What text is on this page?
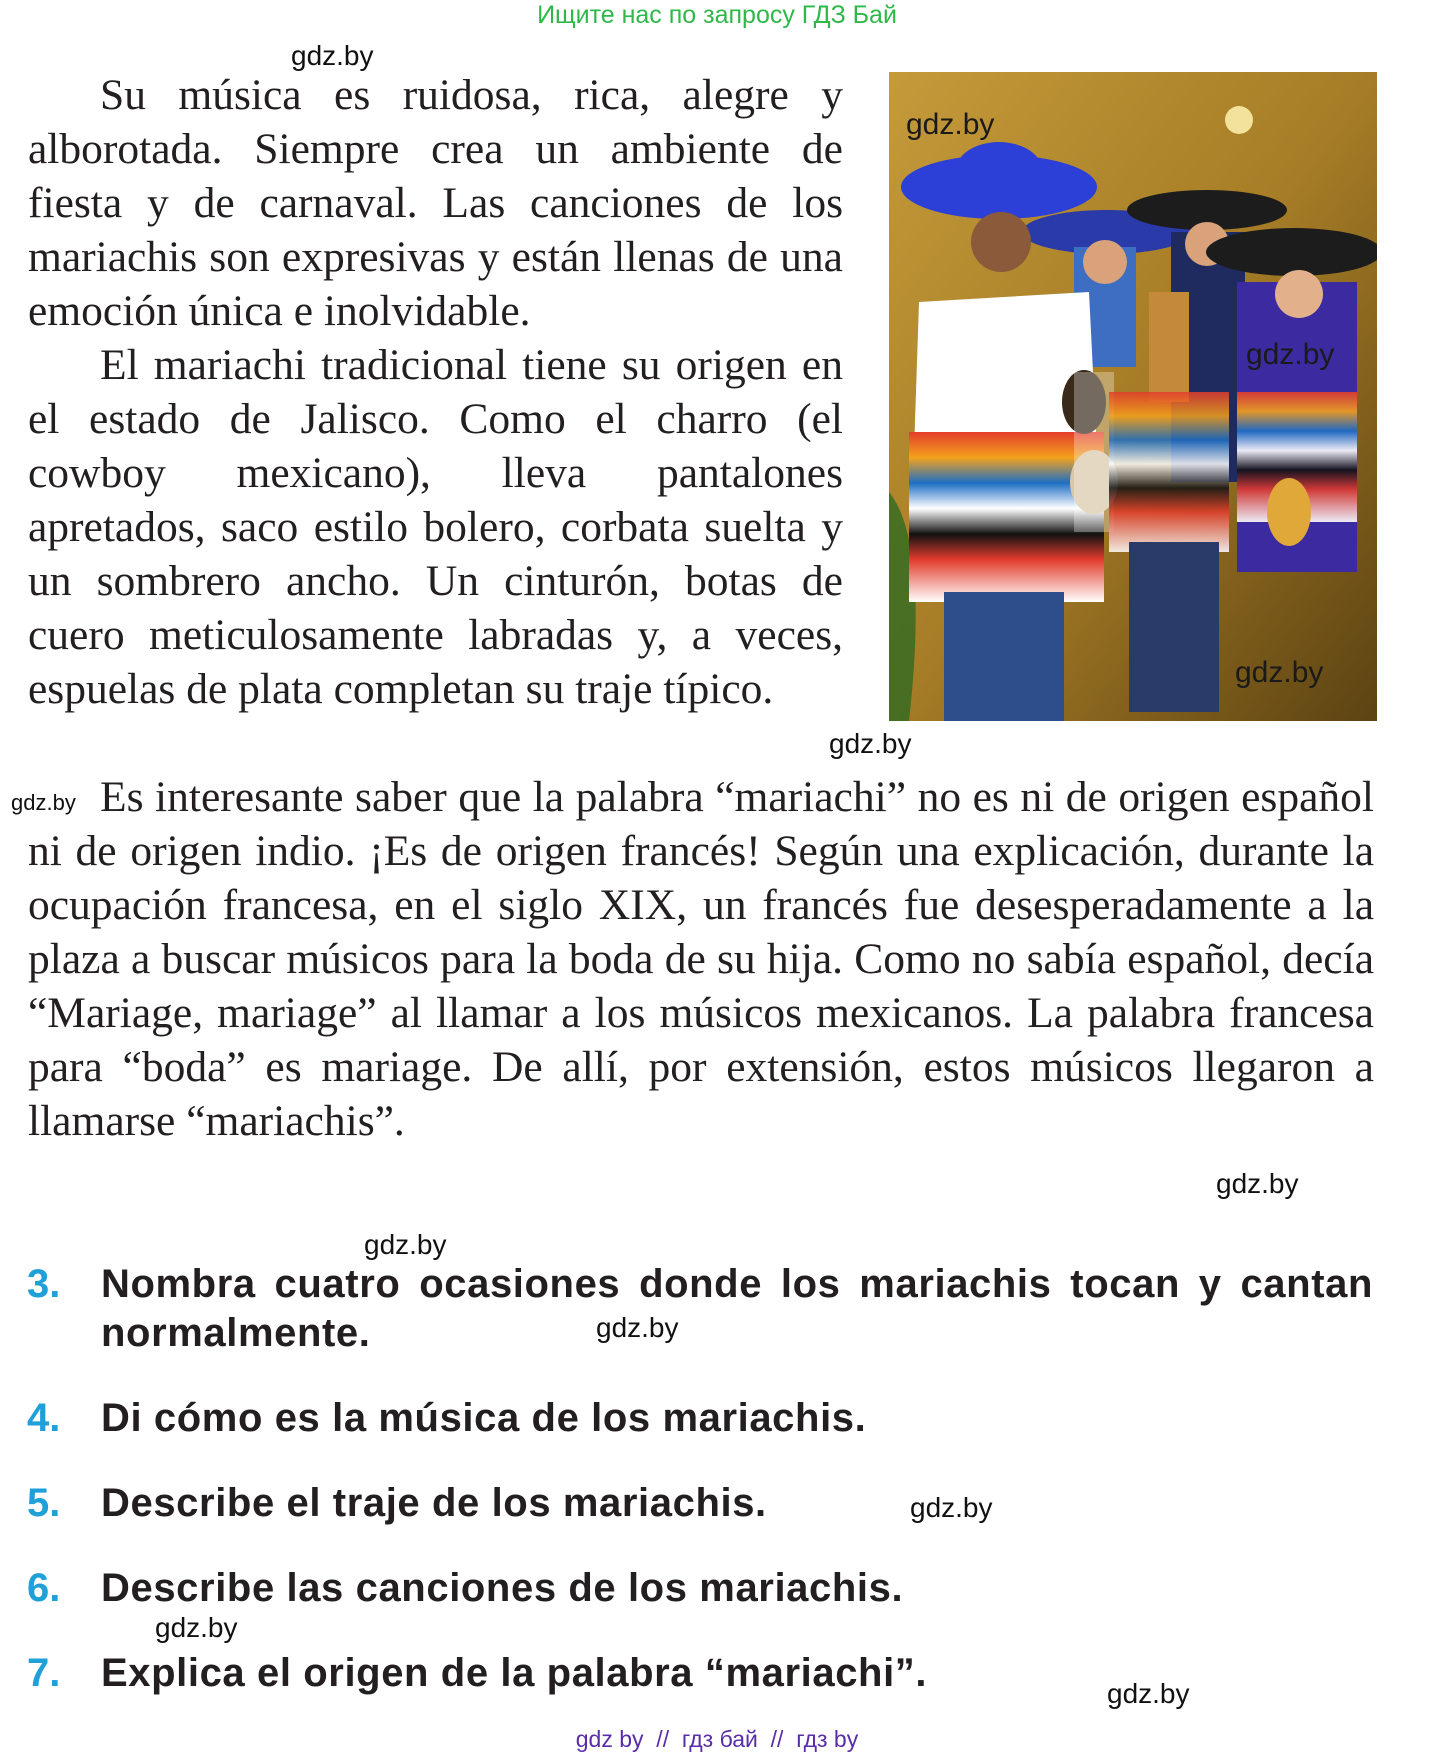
Ищите нас по запросу ГДЗ Бай

Su música es ruidosa, rica, alegre y alborotada. Siempre crea un ambiente de fiesta y de carnaval. Las canciones de los mariachis son expresivas y están llenas de una emoción única e inolvidable.

El mariachi tradicional tiene su origen en el estado de Jalisco. Como el charro (el cowboy mexicano), lleva pantalones apretados, saco estilo bolero, corbata suelta y un sombrero ancho. Un cinturón, botas de cuero meticulosamente labradas y, a veces, espuelas de plata completan su traje típico.

Es interesante saber que la palabra “mariachi” no es ni de origen español ni de origen indio. ¡Es de origen francés! Según una explicación, durante la ocupación francesa, en el siglo XIX, un francés fue desesperadamente a la plaza a buscar músicos para la boda de su hija. Como no sabía español, decía “Mariage, mariage” al llamar a los músicos mexicanos. La palabra francesa para “boda” es mariage. De allí, por extensión, estos músicos llegaron a llamarse “mariachis”.

gdz.by
gdz.by
gdz.by
gdz.by
gdz.by
gdz.by
gdz.by
gdz.by
gdz.by
gdz.by
gdz.by
gdz.by
3. Nombra cuatro ocasiones donde los mariachis tocan y cantan normalmente.
4. Di cómo es la música de los mariachis.
5. Describe el traje de los mariachis.
6. Describe las canciones de los mariachis.
7. Explica el origen de la palabra “mariachi”.
gdz by  //  гдз бай  //  гдз by
